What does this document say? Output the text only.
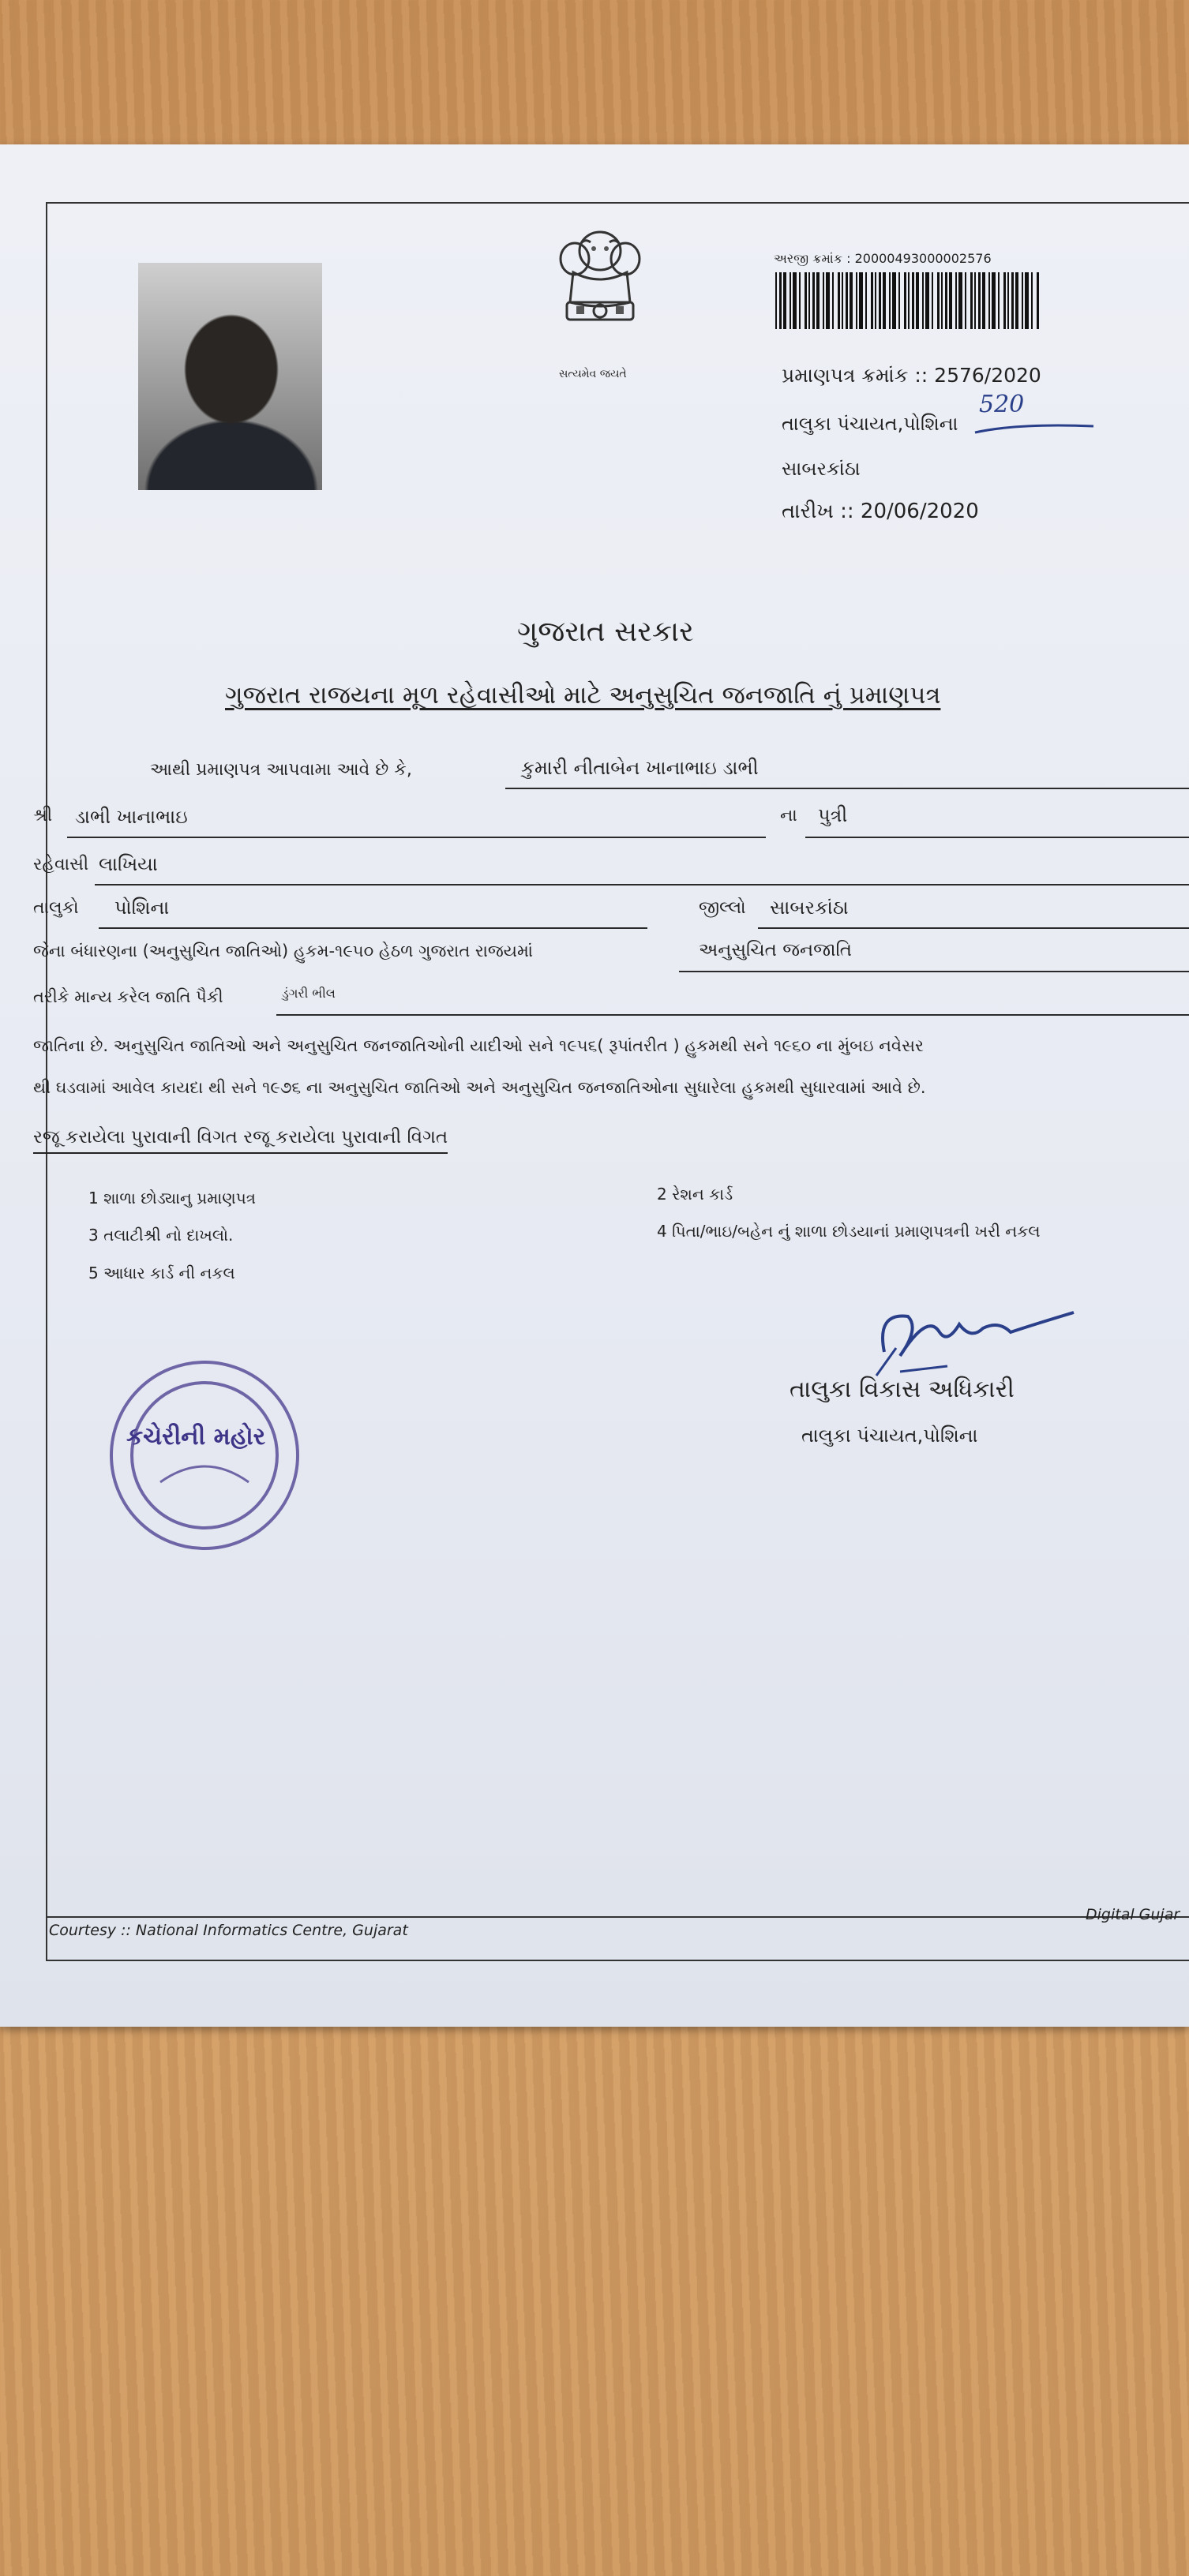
સત્યમેવ જયતે
અરજી ક્રમાંક : 20000493000002576
પ્રમાણપત્ર ક્રમાંક :: 2576/2020
તાલુકા પંચાયત,પોશિના
520
સાબરકાંઠા
તારીખ :: 20/06/2020
ગુજરાત સરકાર
ગુજરાત રાજયના મૂળ રહેવાસીઓ માટે અનુસુચિત જનજાતિ નું પ્રમાણપત્ર
આથી પ્રમાણપત્ર આપવામા આવે છે કે,	કુમારી નીતાબેન ખાનાભાઇ ડાભી
શ્રી ડાભી ખાનાભાઇ	ના પુત્રી
રહેવાસી લાખિયા
તાલુકો પોશિના	જીલ્લો સાબરકાંઠા
જેના બંધારણના (અનુસુચિત જાતિઓ) હુકમ-૧૯૫૦ હેઠળ ગુજરાત રાજયમાં	અનુસુચિત જનજાતિ
તરીકે માન્ય કરેલ જાતિ પૈકી	ડુંગરી ભીલ
જાતિના છે. અનુસુચિત જાતિઓ અને અનુસુચિત જનજાતિઓની યાદીઓ સને ૧૯૫૬( રૂપાંતરીત ) હુકમથી સને ૧૯૬૦ ના મુંબઇ નવેસર
થી ઘડવામાં આવેલ કાયદા થી સને ૧૯૭૬ ના અનુસુચિત જાતિઓ અને અનુસુચિત જનજાતિઓના સુધારેલા હુકમથી સુધારવામાં આવે છે.
રજૂ કરાયેલા પુરાવાની વિગત રજૂ કરાયેલા પુરાવાની વિગત
1 શાળા છોડ્યાનુ પ્રમાણપત્ર	2 રેશન કાર્ડ
3 તલાટીશ્રી નો દાખલો.	4 પિતા/ભાઇ/બહેન નું શાળા છોડયાનાં પ્રમાણપત્રની ખરી નકલ
5 આધાર કાર્ડ ની નકલ
કચેરીની મહોર
તાલુકા વિકાસ અધિકારી
તાલુકા પંચાયત,પોશિના
Courtesy :: National Informatics Centre, Gujarat
Digital Gujar
